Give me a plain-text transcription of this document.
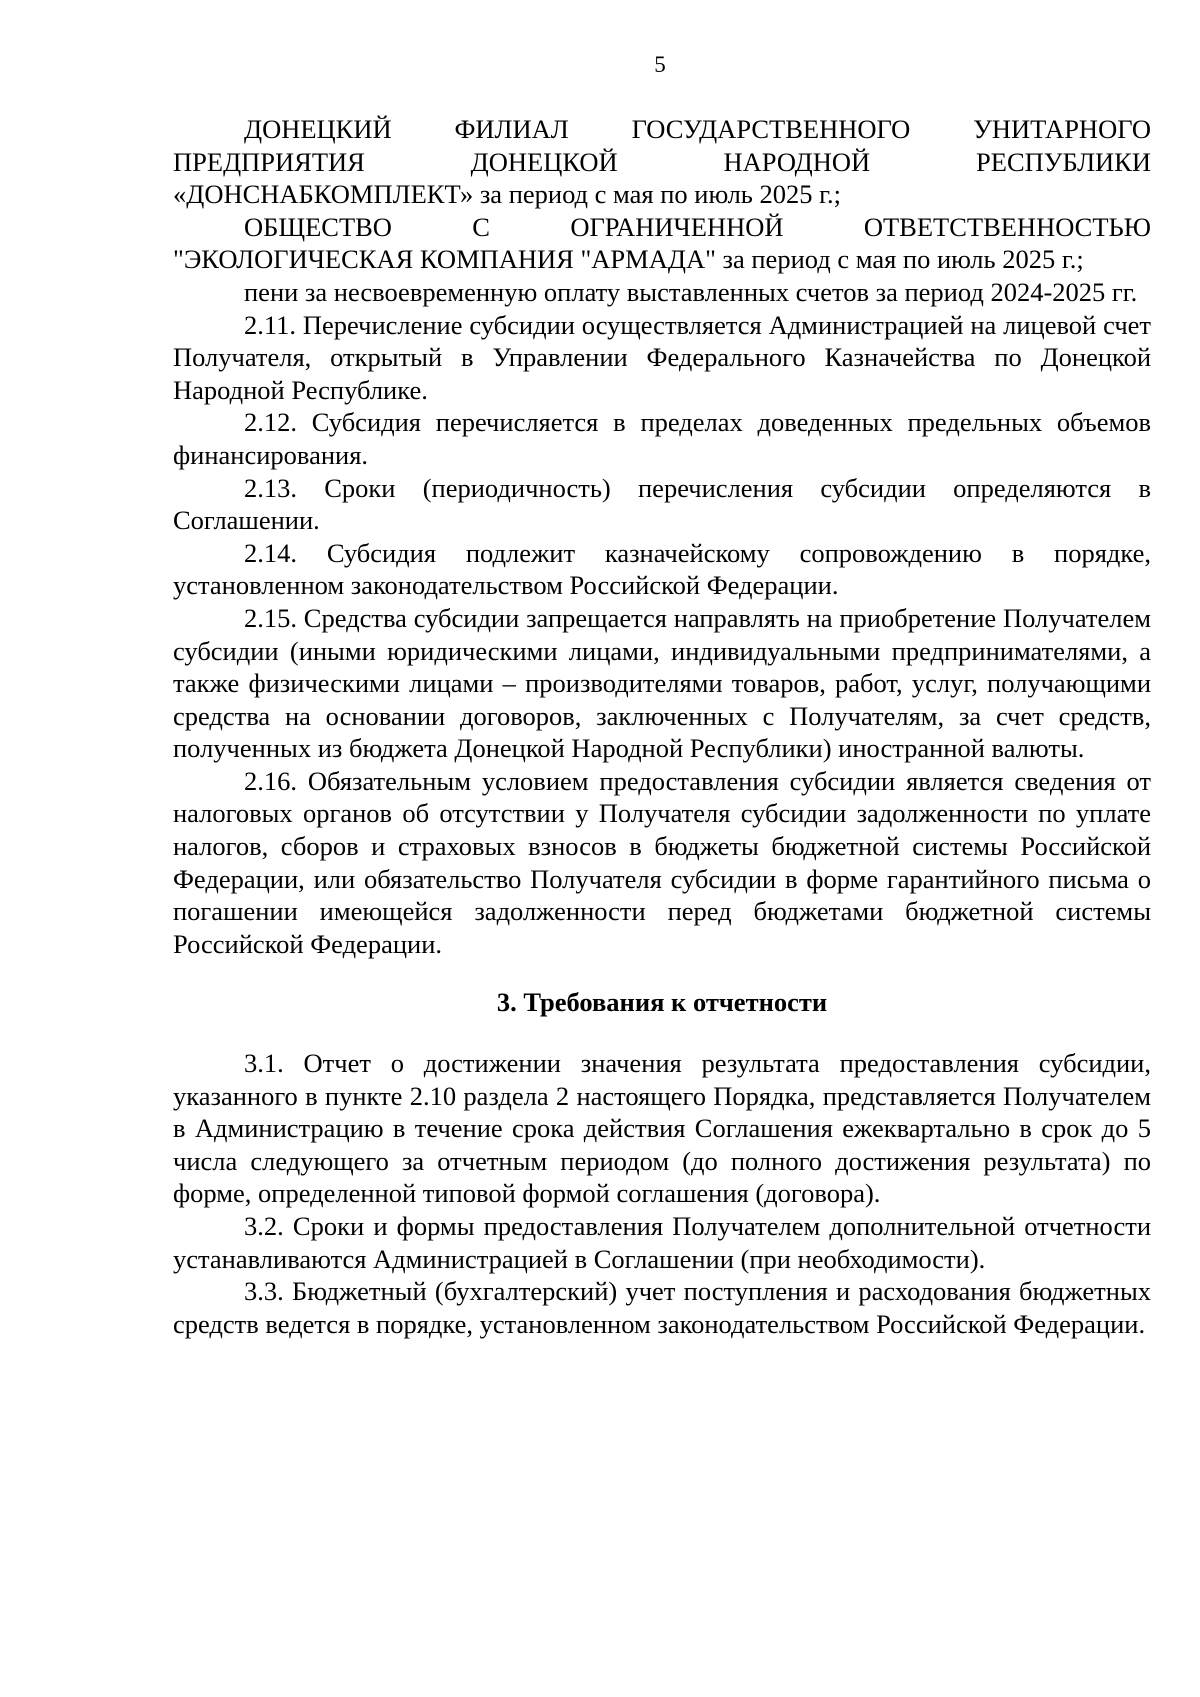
5

ДОНЕЦКИЙ ФИЛИАЛ ГОСУДАРСТВЕННОГО УНИТАРНОГО ПРЕДПРИЯТИЯ ДОНЕЦКОЙ НАРОДНОЙ РЕСПУБЛИКИ «ДОНСНАБКОМПЛЕКТ» за период с мая по июль 2025 г.;

ОБЩЕСТВО С ОГРАНИЧЕННОЙ ОТВЕТСТВЕННОСТЬЮ "ЭКОЛОГИЧЕСКАЯ КОМПАНИЯ "АРМАДА" за период с мая по июль 2025 г.;

пени за несвоевременную оплату выставленных счетов за период 2024-2025 гг.

2.11. Перечисление субсидии осуществляется Администрацией на лицевой счет Получателя, открытый в Управлении Федерального Казначейства по Донецкой Народной Республике.

2.12. Субсидия перечисляется в пределах доведенных предельных объемов финансирования.

2.13. Сроки (периодичность) перечисления субсидии определяются в Соглашении.

2.14. Субсидия подлежит казначейскому сопровождению в порядке, установленном законодательством Российской Федерации.

2.15. Средства субсидии запрещается направлять на приобретение Получателем субсидии (иными юридическими лицами, индивидуальными предпринимателями, а также физическими лицами – производителями товаров, работ, услуг, получающими средства на основании договоров, заключенных с Получателям, за счет средств, полученных из бюджета Донецкой Народной Республики) иностранной валюты.

2.16. Обязательным условием предоставления субсидии является сведения от налоговых органов об отсутствии у Получателя субсидии задолженности по уплате налогов, сборов и страховых взносов в бюджеты бюджетной системы Российской Федерации, или обязательство Получателя субсидии в форме гарантийного письма о погашении имеющейся задолженности перед бюджетами бюджетной системы Российской Федерации.

3. Требования к отчетности

3.1. Отчет о достижении значения результата предоставления субсидии, указанного в пункте 2.10 раздела 2 настоящего Порядка, представляется Получателем в Администрацию в течение срока действия Соглашения ежеквартально в срок до 5 числа следующего за отчетным периодом (до полного достижения результата) по форме, определенной типовой формой соглашения (договора).

3.2. Сроки и формы предоставления Получателем дополнительной отчетности устанавливаются Администрацией в Соглашении (при необходимости).

3.3. Бюджетный (бухгалтерский) учет поступления и расходования бюджетных средств ведется в порядке, установленном законодательством Российской Федерации.
